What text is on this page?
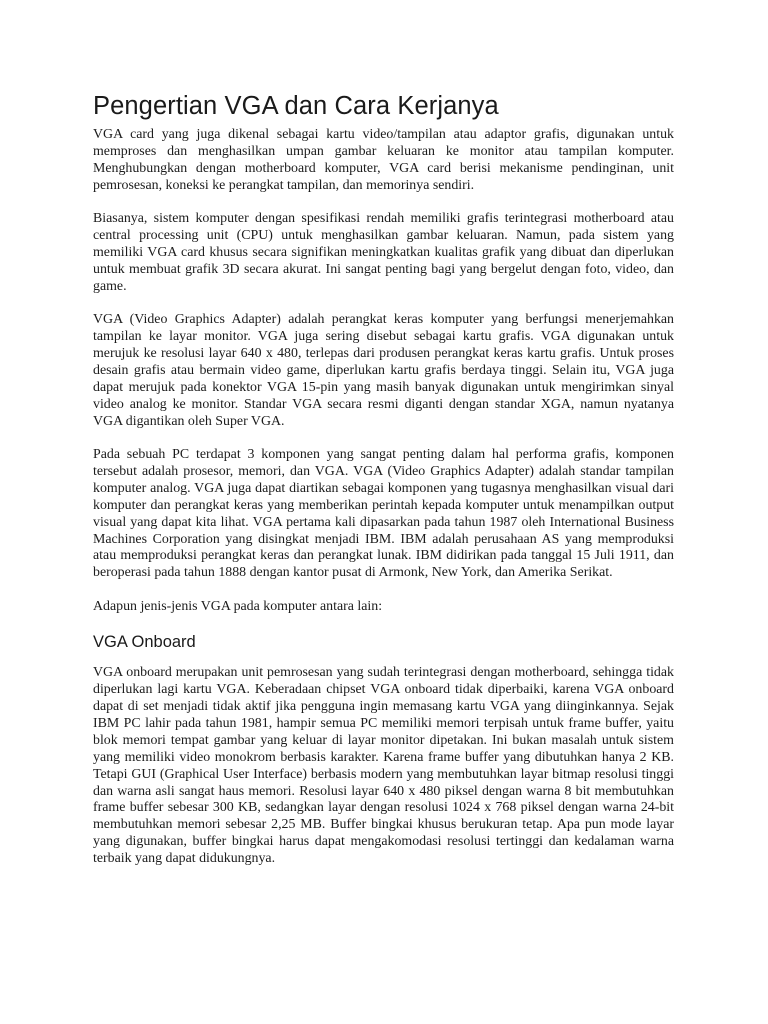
Pengertian VGA dan Cara Kerjanya

VGA card yang juga dikenal sebagai kartu video/tampilan atau adaptor grafis, digunakan untuk memproses dan menghasilkan umpan gambar keluaran ke monitor atau tampilan komputer. Menghubungkan dengan motherboard komputer, VGA card berisi mekanisme pendinginan, unit pemrosesan, koneksi ke perangkat tampilan, dan memorinya sendiri.

Biasanya, sistem komputer dengan spesifikasi rendah memiliki grafis terintegrasi motherboard atau central processing unit (CPU) untuk menghasilkan gambar keluaran. Namun, pada sistem yang memiliki VGA card khusus secara signifikan meningkatkan kualitas grafik yang dibuat dan diperlukan untuk membuat grafik 3D secara akurat. Ini sangat penting bagi yang bergelut dengan foto, video, dan game.

VGA (Video Graphics Adapter) adalah perangkat keras komputer yang berfungsi menerjemahkan tampilan ke layar monitor. VGA juga sering disebut sebagai kartu grafis. VGA digunakan untuk merujuk ke resolusi layar 640 x 480, terlepas dari produsen perangkat keras kartu grafis. Untuk proses desain grafis atau bermain video game, diperlukan kartu grafis berdaya tinggi. Selain itu, VGA juga dapat merujuk pada konektor VGA 15-pin yang masih banyak digunakan untuk mengirimkan sinyal video analog ke monitor. Standar VGA secara resmi diganti dengan standar XGA, namun nyatanya VGA digantikan oleh Super VGA.

Pada sebuah PC terdapat 3 komponen yang sangat penting dalam hal performa grafis, komponen tersebut adalah prosesor, memori, dan VGA. VGA (Video Graphics Adapter) adalah standar tampilan komputer analog. VGA juga dapat diartikan sebagai komponen yang tugasnya menghasilkan visual dari komputer dan perangkat keras yang memberikan perintah kepada komputer untuk menampilkan output visual yang dapat kita lihat. VGA pertama kali dipasarkan pada tahun 1987 oleh International Business Machines Corporation yang disingkat menjadi IBM. IBM adalah perusahaan AS yang memproduksi atau memproduksi perangkat keras dan perangkat lunak. IBM didirikan pada tanggal 15 Juli 1911, dan beroperasi pada tahun 1888 dengan kantor pusat di Armonk, New York, dan Amerika Serikat.

Adapun jenis-jenis VGA pada komputer antara lain:

VGA Onboard

VGA onboard merupakan unit pemrosesan yang sudah terintegrasi dengan motherboard, sehingga tidak diperlukan lagi kartu VGA. Keberadaan chipset VGA onboard tidak diperbaiki, karena VGA onboard dapat di set menjadi tidak aktif jika pengguna ingin memasang kartu VGA yang diinginkannya. Sejak IBM PC lahir pada tahun 1981, hampir semua PC memiliki memori terpisah untuk frame buffer, yaitu blok memori tempat gambar yang keluar di layar monitor dipetakan. Ini bukan masalah untuk sistem yang memiliki video monokrom berbasis karakter. Karena frame buffer yang dibutuhkan hanya 2 KB. Tetapi GUI (Graphical User Interface) berbasis modern yang membutuhkan layar bitmap resolusi tinggi dan warna asli sangat haus memori. Resolusi layar 640 x 480 piksel dengan warna 8 bit membutuhkan frame buffer sebesar 300 KB, sedangkan layar dengan resolusi 1024 x 768 piksel dengan warna 24-bit membutuhkan memori sebesar 2,25 MB. Buffer bingkai khusus berukuran tetap. Apa pun mode layar yang digunakan, buffer bingkai harus dapat mengakomodasi resolusi tertinggi dan kedalaman warna terbaik yang dapat didukungnya.
